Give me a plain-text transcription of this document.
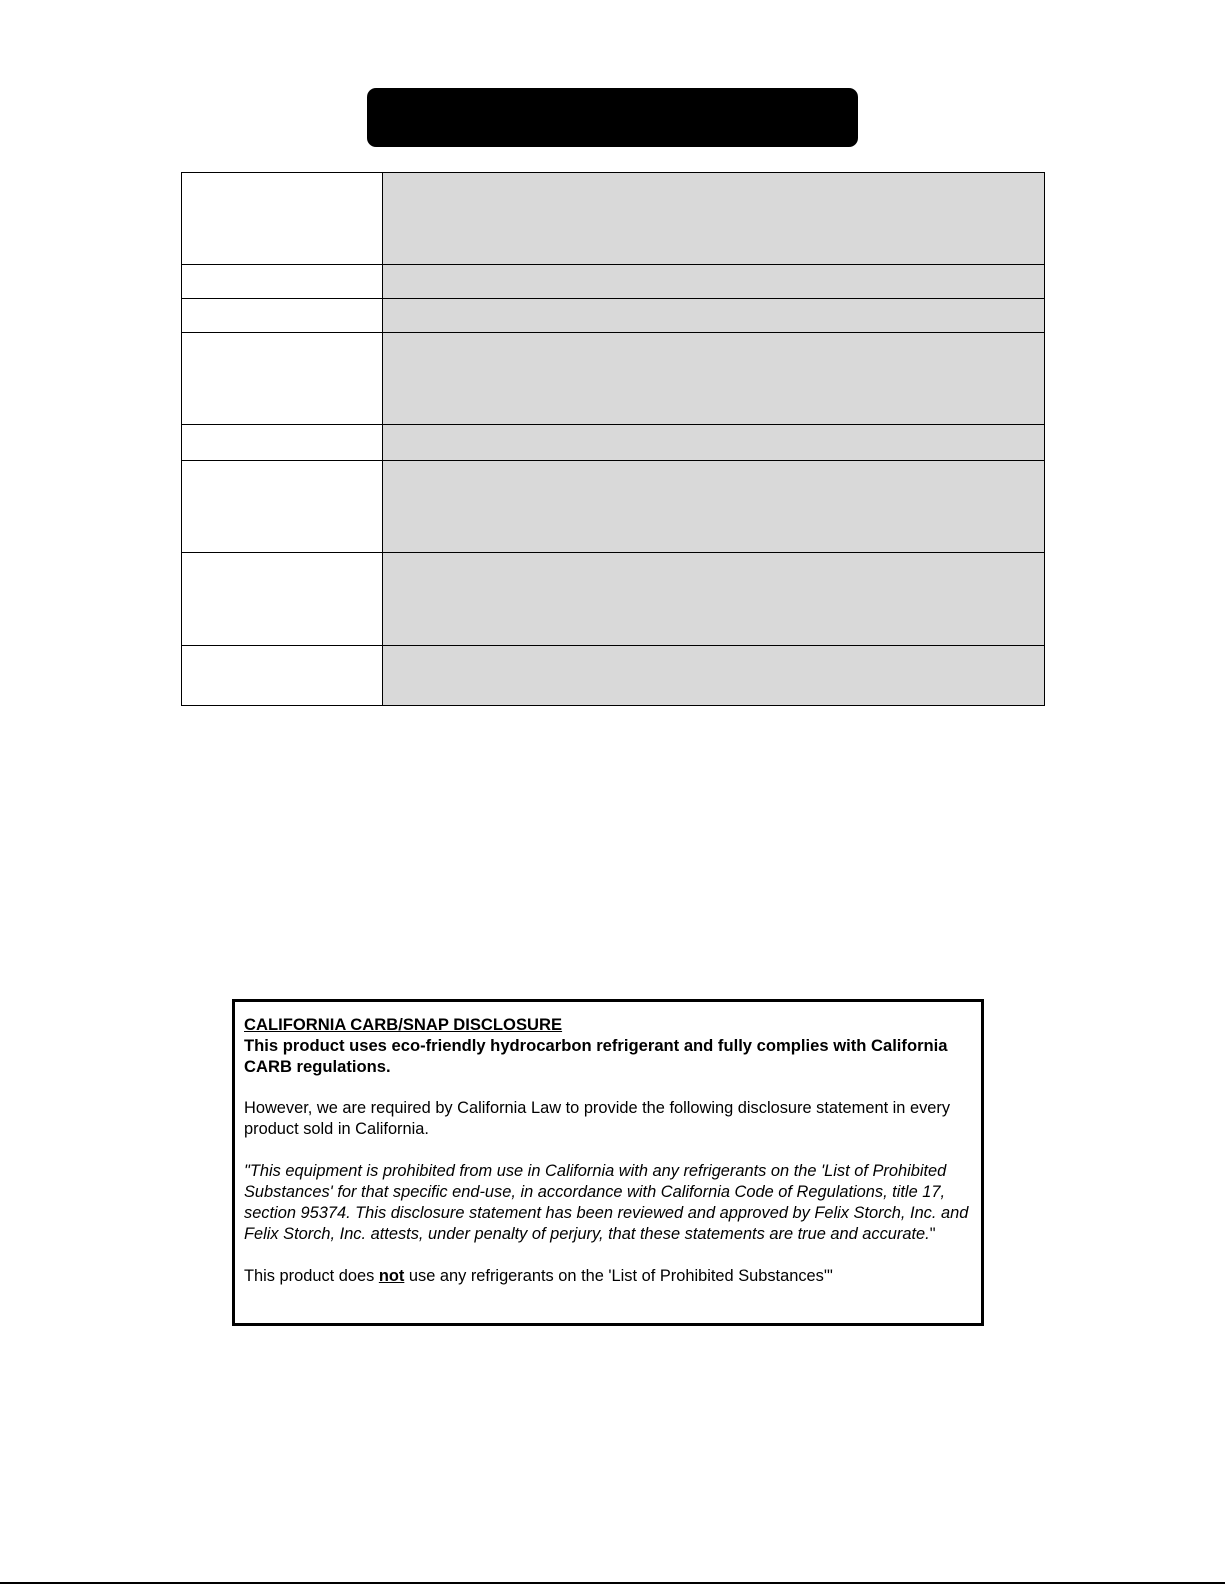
CALIFORNIA CARB/SNAP DISCLOSURE

This product uses eco-friendly hydrocarbon refrigerant and fully complies with California CARB regulations.

However, we are required by California Law to provide the following disclosure statement in every product sold in California.

"This equipment is prohibited from use in California with any refrigerants on the 'List of Prohibited Substances' for that specific end-use, in accordance with California Code of Regulations, title 17, section 95374. This disclosure statement has been reviewed and approved by Felix Storch, Inc. and Felix Storch, Inc. attests, under penalty of perjury, that these statements are true and accurate."

This product does not use any refrigerants on the 'List of Prohibited Substances'"
